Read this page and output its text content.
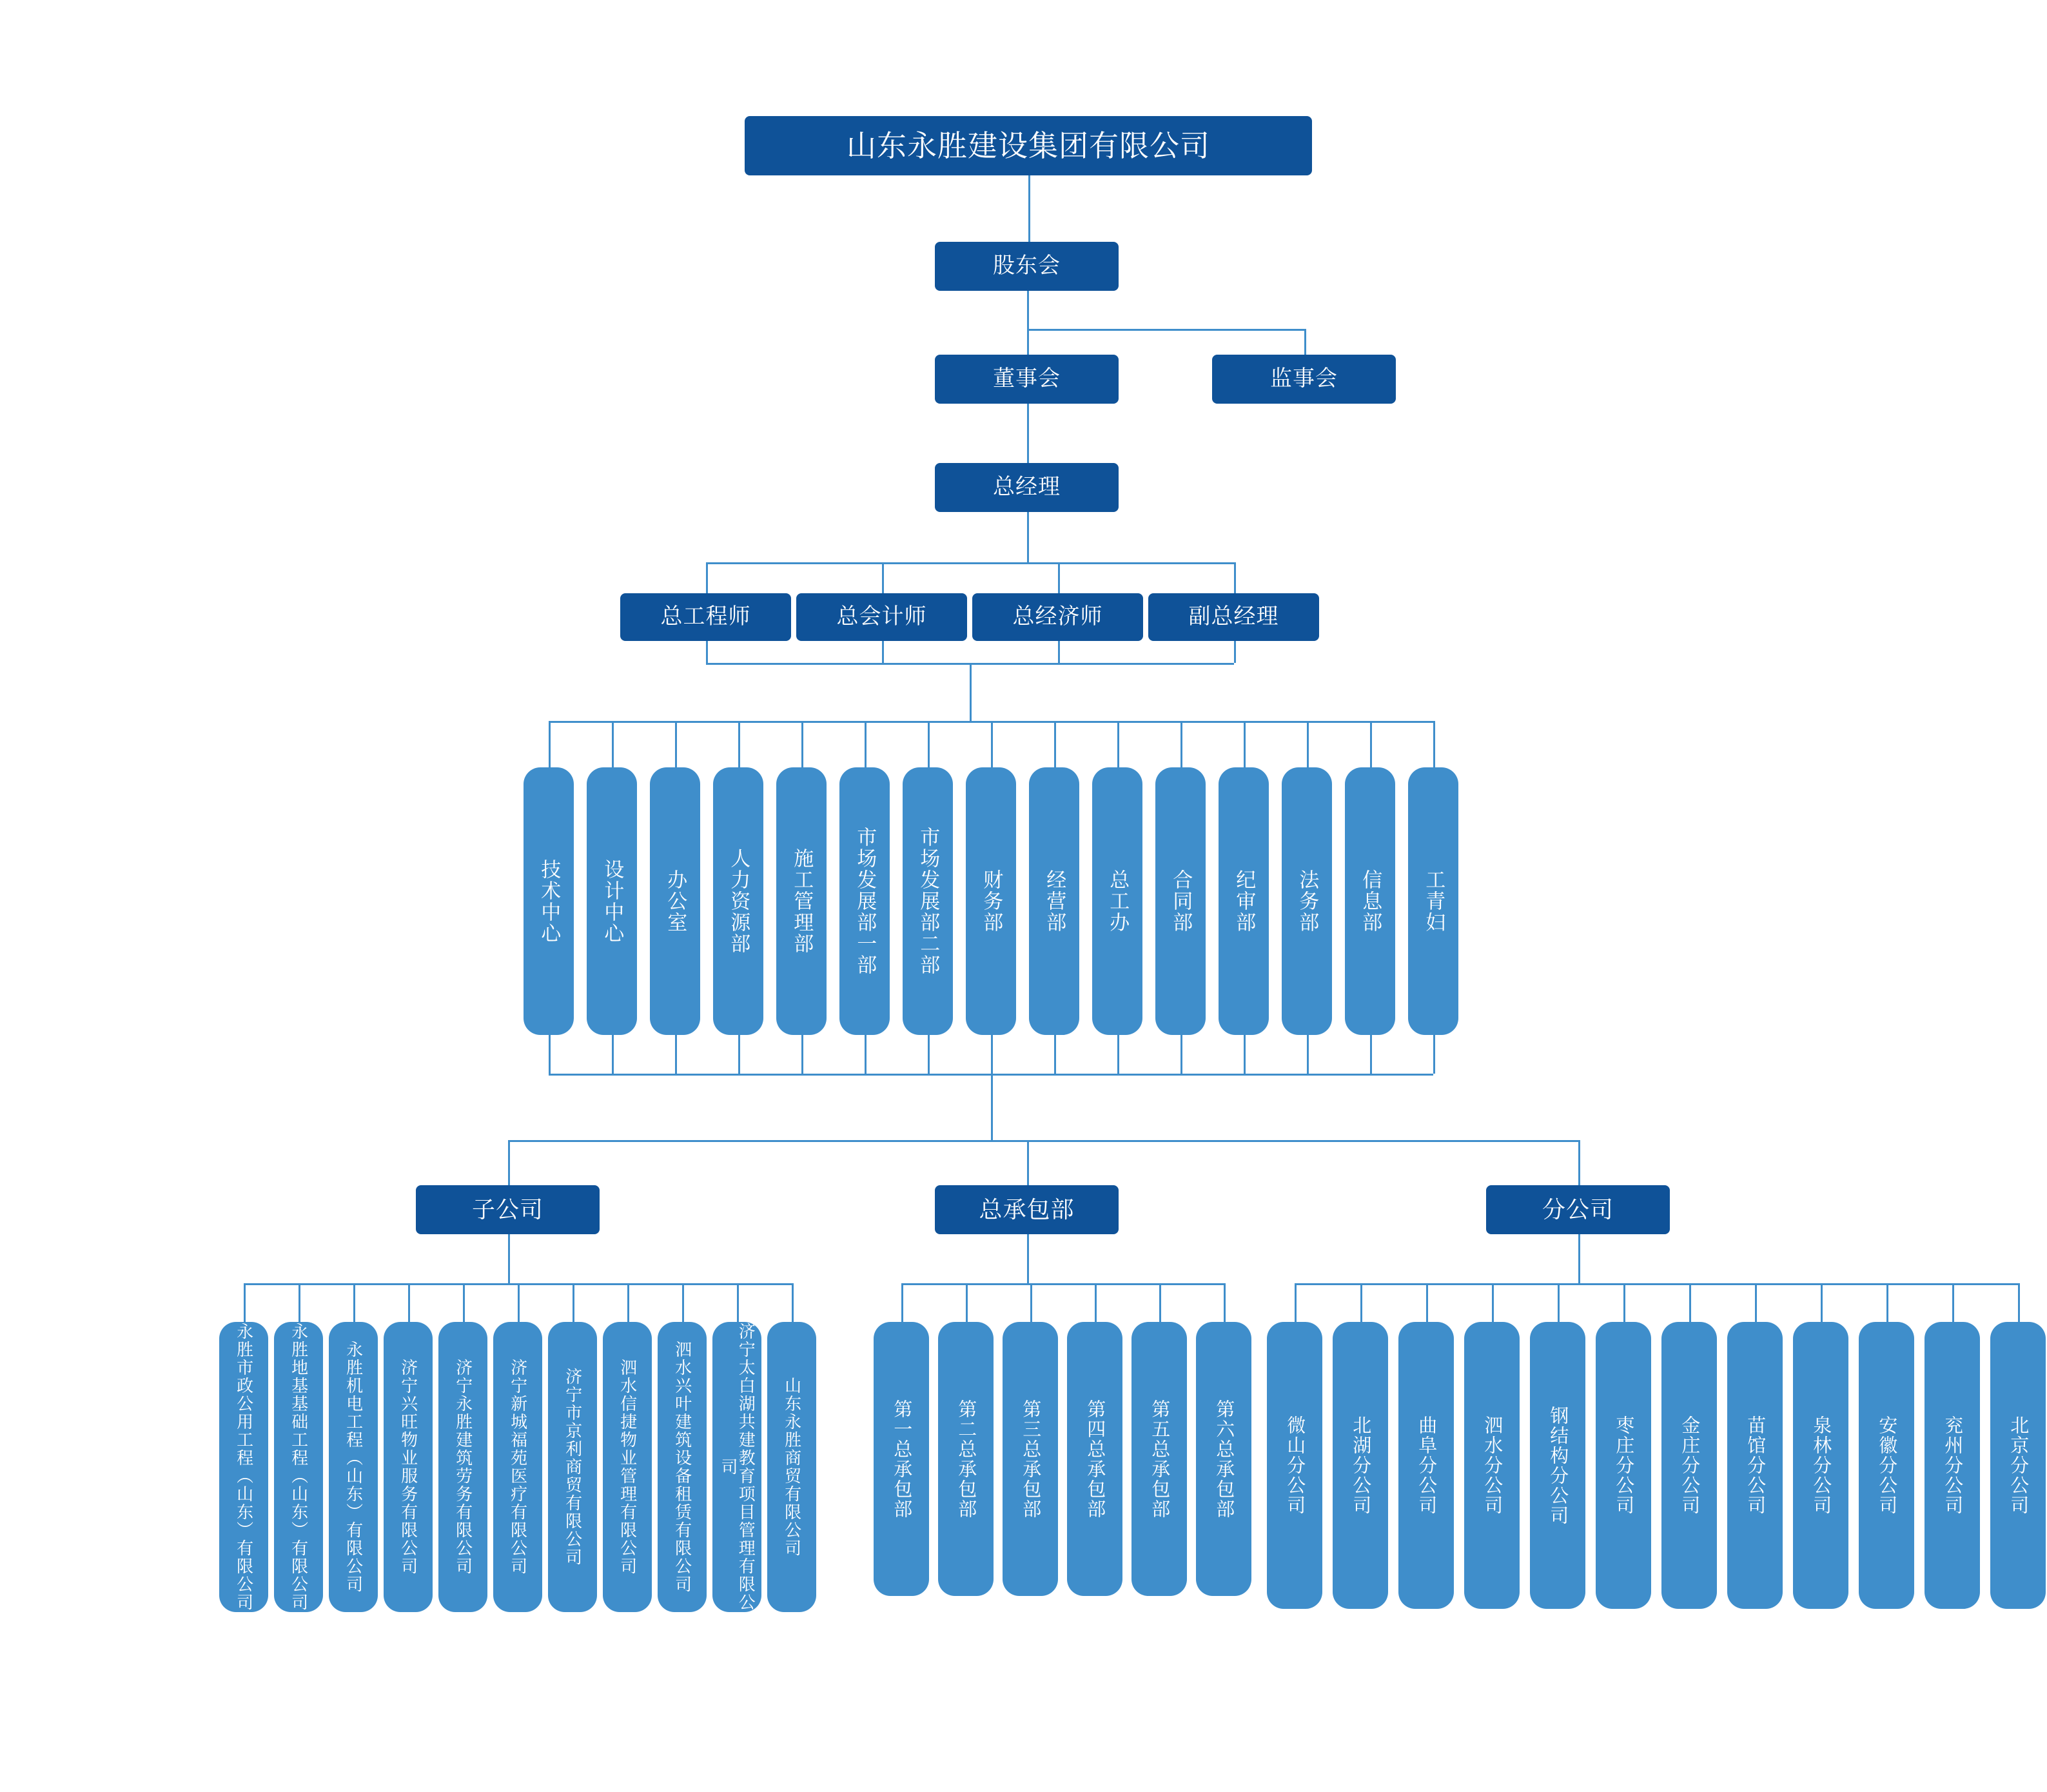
山东永胜建设集团有限公司
股东会
董事会	监事会
总经理
总工程师	总会计师	总经济师	副总经理
技术中心 设计中心 办公室 人力资源部 施工管理部 市场发展部一部 市场发展部二部 财务部 经营部 总工办 合同部 纪审部 法务部 信息部 工青妇
子公司	总承包部	分公司
永胜市政公用工程（山东）有限公司 永胜地基基础工程（山东）有限公司 永胜机电工程（山东）有限公司 济宁兴旺物业服务有限公司 济宁永胜建筑劳务有限公司 济宁新城福苑医疗有限公司 济宁市京利商贸有限公司 泗水信捷物业管理有限公司 泗水兴叶建筑设备租赁有限公司	济宁太白湖共建教育项目管理有限公司	山东永胜商贸有限公司	第一总承包部 第二总承包部 第三总承包部 第四总承包部 第五总承包部 第六总承包部	微山分公司 北湖分公司 曲阜分公司 泗水分公司 钢结构分公司 枣庄分公司 金庄分公司 苗馆分公司 泉林分公司 安徽分公司 兖州分公司 北京分公司
